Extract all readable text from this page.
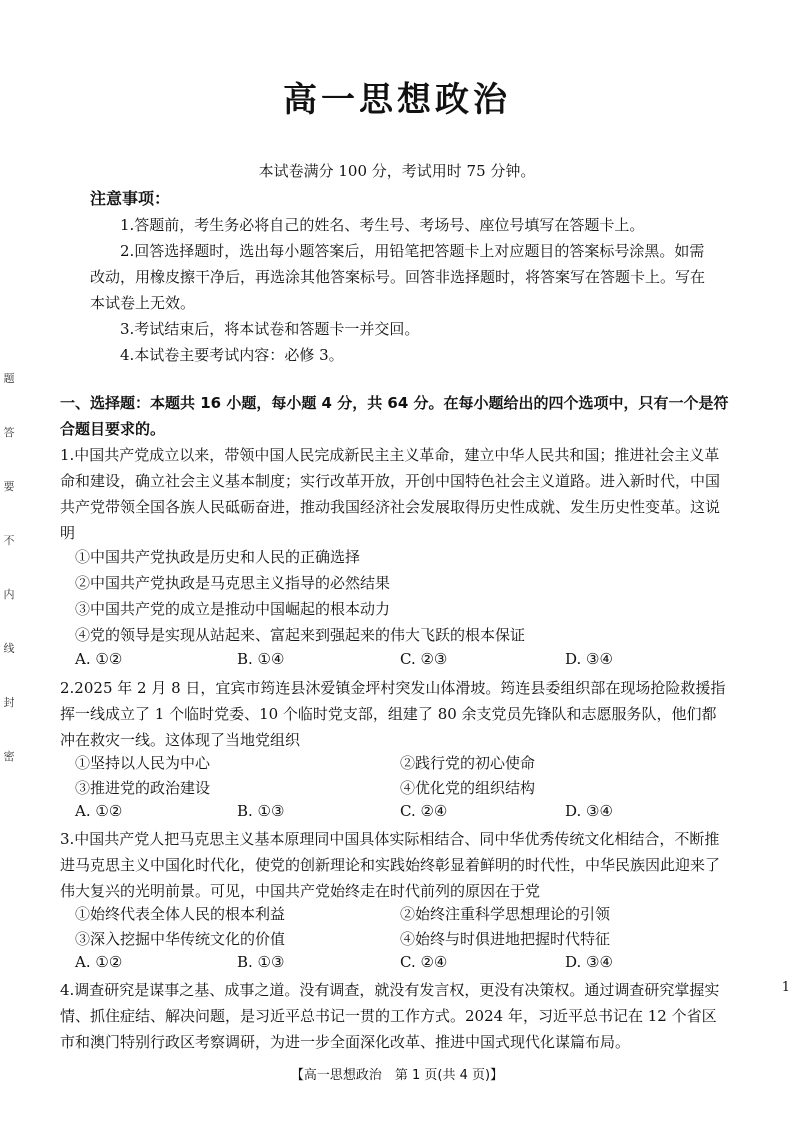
题
答
要
不
内
线
封
密
高一思想政治
本试卷满分 100 分，考试用时 75 分钟。
注意事项：
1.答题前，考生务必将自己的姓名、考生号、考场号、座位号填写在答题卡上。
2.回答选择题时，选出每小题答案后，用铅笔把答题卡上对应题目的答案标号涂黑。如需改动，用橡皮擦干净后，再选涂其他答案标号。回答非选择题时，将答案写在答题卡上。写在本试卷上无效。
3.考试结束后，将本试卷和答题卡一并交回。
4.本试卷主要考试内容：必修 3。
一、选择题：本题共 16 小题，每小题 4 分，共 64 分。在每小题给出的四个选项中，只有一个是符合题目要求的。
1.中国共产党成立以来，带领中国人民完成新民主主义革命，建立中华人民共和国；推进社会主义革命和建设，确立社会主义基本制度；实行改革开放，开创中国特色社会主义道路。进入新时代，中国共产党带领全国各族人民砥砺奋进，推动我国经济社会发展取得历史性成就、发生历史性变革。这说明
①中国共产党执政是历史和人民的正确选择
②中国共产党执政是马克思主义指导的必然结果
③中国共产党的成立是推动中国崛起的根本动力
④党的领导是实现从站起来、富起来到强起来的伟大飞跃的根本保证
A. ①②	B. ①④	C. ②③	D. ③④
2.2025 年 2 月 8 日，宜宾市筠连县沐爱镇金坪村突发山体滑坡。筠连县委组织部在现场抢险救援指挥一线成立了 1 个临时党委、10 个临时党支部，组建了 80 余支党员先锋队和志愿服务队，他们都冲在救灾一线。这体现了当地党组织
①坚持以人民为中心	②践行党的初心使命
③推进党的政治建设	④优化党的组织结构
A. ①②	B. ①③	C. ②④	D. ③④
3.中国共产党人把马克思主义基本原理同中国具体实际相结合、同中华优秀传统文化相结合，不断推进马克思主义中国化时代化，使党的创新理论和实践始终彰显着鲜明的时代性，中华民族因此迎来了伟大复兴的光明前景。可见，中国共产党始终走在时代前列的原因在于党
①始终代表全体人民的根本利益	②始终注重科学思想理论的引领
③深入挖掘中华传统文化的价值	④始终与时俱进地把握时代特征
A. ①②	B. ①③	C. ②④	D. ③④
4.调查研究是谋事之基、成事之道。没有调查，就没有发言权，更没有决策权。通过调查研究掌握实情、抓住症结、解决问题，是习近平总书记一贯的工作方式。2024 年，习近平总书记在 12 个省区市和澳门特别行政区考察调研，为进一步全面深化改革、推进中国式现代化谋篇布局。
1
【高一思想政治　第 1 页(共 4 页)】
